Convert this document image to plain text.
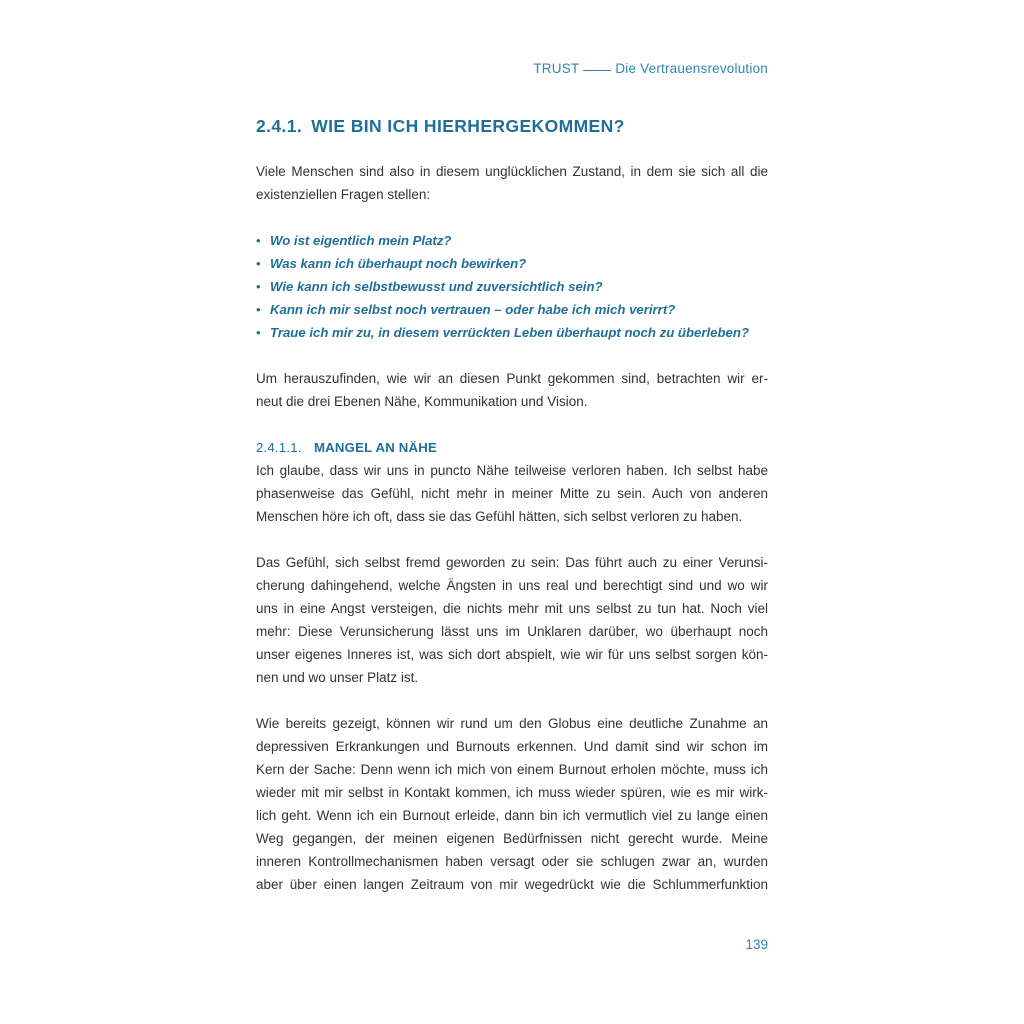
TRUST	Die Vertrauensrevolution
2.4.1. WIE BIN ICH HIERHERGEKOMMEN?

Viele Menschen sind also in diesem unglücklichen Zustand, in dem sie sich all die
existenziellen Fragen stellen:

• Wo ist eigentlich mein Platz?
• Was kann ich überhaupt noch bewirken?
• Wie kann ich selbstbewusst und zuversichtlich sein?
• Kann ich mir selbst noch vertrauen – oder habe ich mich verirrt?
• Traue ich mir zu, in diesem verrückten Leben überhaupt noch zu überleben?

Um herauszufinden, wie wir an diesen Punkt gekommen sind, betrachten wir er-
neut die drei Ebenen Nähe, Kommunikation und Vision.

2.4.1.1. MANGEL AN NÄHE

Ich glaube, dass wir uns in puncto Nähe teilweise verloren haben. Ich selbst habe
phasenweise das Gefühl, nicht mehr in meiner Mitte zu sein. Auch von anderen
Menschen höre ich oft, dass sie das Gefühl hätten, sich selbst verloren zu haben.

Das Gefühl, sich selbst fremd geworden zu sein: Das führt auch zu einer Verunsi-
cherung dahingehend, welche Ängsten in uns real und berechtigt sind und wo wir
uns in eine Angst versteigen, die nichts mehr mit uns selbst zu tun hat. Noch viel
mehr: Diese Verunsicherung lässt uns im Unklaren darüber, wo überhaupt noch
unser eigenes Inneres ist, was sich dort abspielt, wie wir für uns selbst sorgen kön-
nen und wo unser Platz ist.

Wie bereits gezeigt, können wir rund um den Globus eine deutliche Zunahme an
depressiven Erkrankungen und Burnouts erkennen. Und damit sind wir schon im
Kern der Sache: Denn wenn ich mich von einem Burnout erholen möchte, muss ich
wieder mit mir selbst in Kontakt kommen, ich muss wieder spüren, wie es mir wirk-
lich geht. Wenn ich ein Burnout erleide, dann bin ich vermutlich viel zu lange einen
Weg gegangen, der meinen eigenen Bedürfnissen nicht gerecht wurde. Meine
inneren Kontrollmechanismen haben versagt oder sie schlugen zwar an, wurden
aber über einen langen Zeitraum von mir wegedrückt wie die Schlummerfunktion

139
